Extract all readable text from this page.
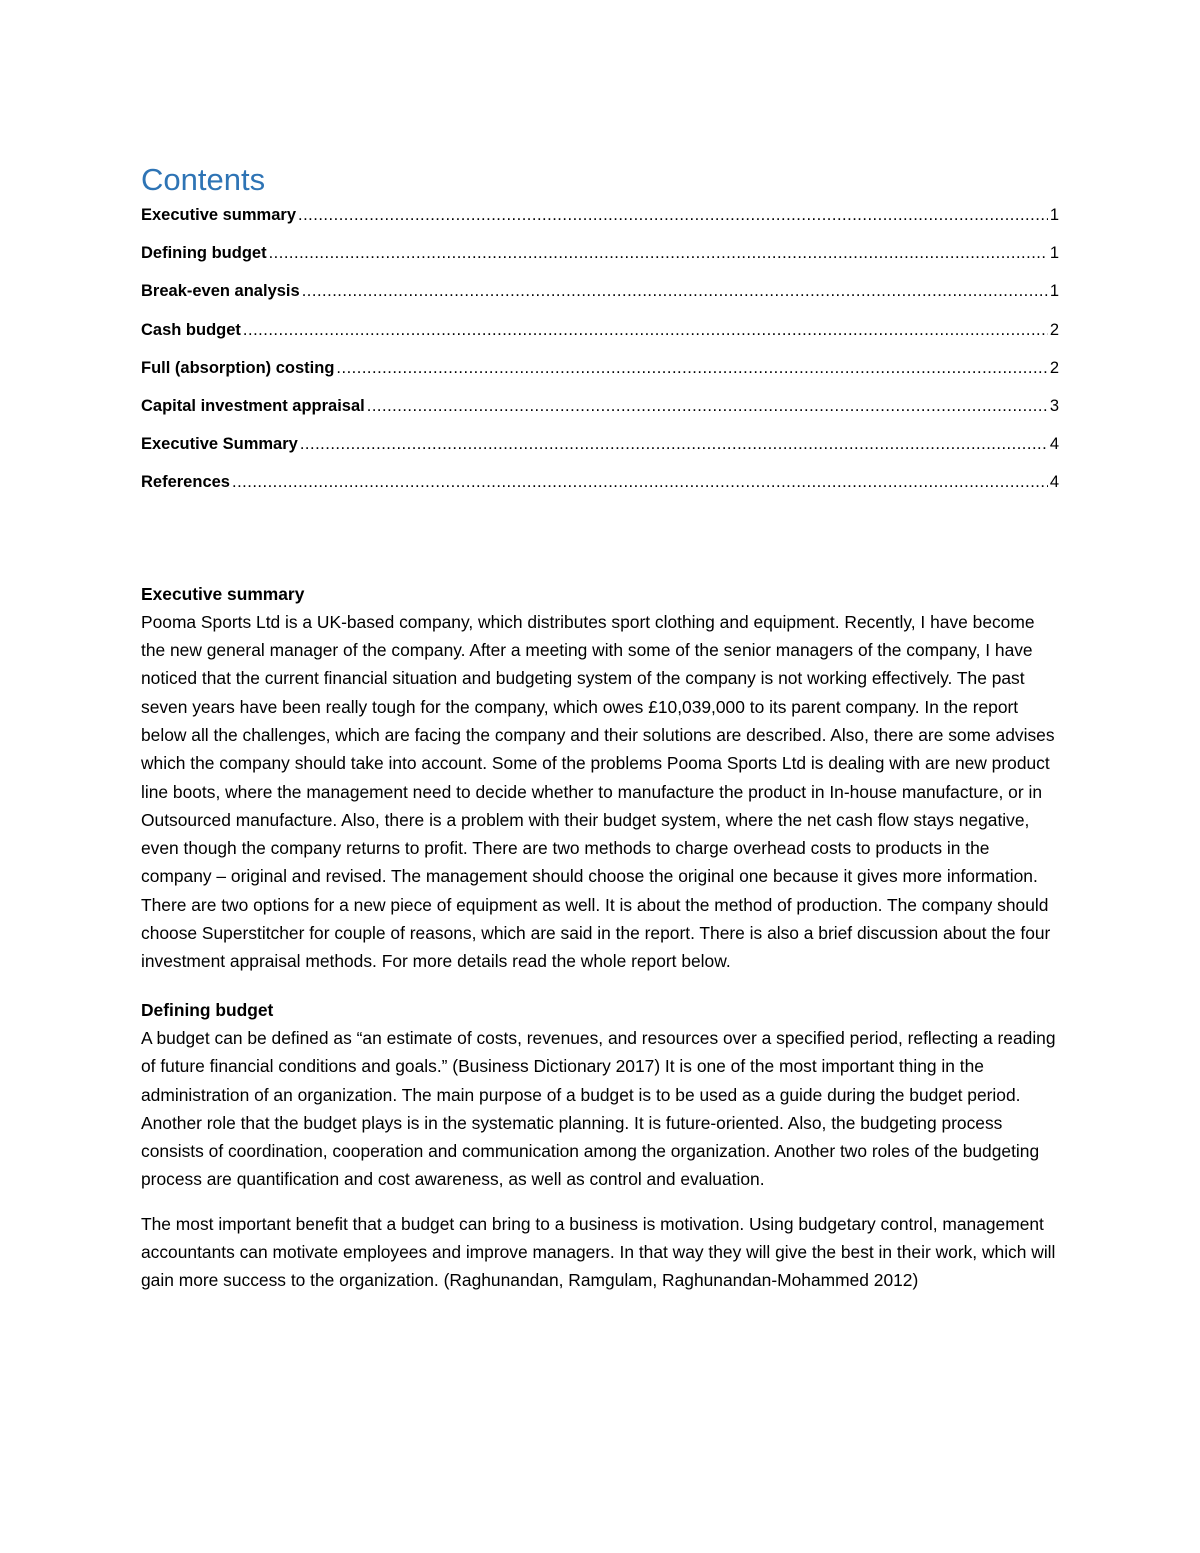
Contents
Executive summary .....	1
Defining budget .....	1
Break-even analysis .....	1
Cash budget .....	2
Full (absorption) costing .....	2
Capital investment appraisal .....	3
Executive Summary .....	4
References .....	4

Executive summary

Pooma Sports Ltd is a UK-based company, which distributes sport clothing and equipment. Recently, I have become the new general manager of the company. After a meeting with some of the senior managers of the company, I have noticed that the current financial situation and budgeting system of the company is not working effectively. The past seven years have been really tough for the company, which owes £10,039,000 to its parent company. In the report below all the challenges, which are facing the company and their solutions are described. Also, there are some advises which the company should take into account. Some of the problems Pooma Sports Ltd is dealing with are new product line boots, where the management need to decide whether to manufacture the product in In-house manufacture, or in Outsourced manufacture. Also, there is a problem with their budget system, where the net cash flow stays negative, even though the company returns to profit. There are two methods to charge overhead costs to products in the company – original and revised. The management should choose the original one because it gives more information. There are two options for a new piece of equipment as well. It is about the method of production. The company should choose Superstitcher for couple of reasons, which are said in the report. There is also a brief discussion about the four investment appraisal methods. For more details read the whole report below.

Defining budget

A budget can be defined as “an estimate of costs, revenues, and resources over a specified period, reflecting a reading of future financial conditions and goals.” (Business Dictionary 2017) It is one of the most important thing in the administration of an organization. The main purpose of a budget is to be used as a guide during the budget period. Another role that the budget plays is in the systematic planning. It is future-oriented. Also, the budgeting process consists of coordination, cooperation and communication among the organization. Another two roles of the budgeting process are quantification and cost awareness, as well as control and evaluation.

The most important benefit that a budget can bring to a business is motivation. Using budgetary control, management accountants can motivate employees and improve managers. In that way they will give the best in their work, which will gain more success to the organization. (Raghunandan, Ramgulam, Raghunandan-Mohammed 2012)
